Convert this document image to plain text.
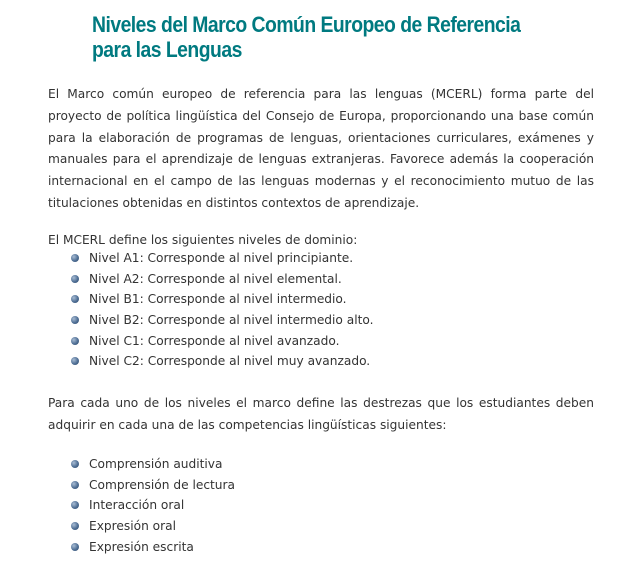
Niveles del Marco Común Europeo de Referencia para las Lenguas

El Marco común europeo de referencia para las lenguas (MCERL) forma parte del proyecto de política lingüística del Consejo de Europa, proporcionando una base común para la elaboración de programas de lenguas, orientaciones curriculares, exámenes y manuales para el aprendizaje de lenguas extranjeras. Favorece además la cooperación internacional en el campo de las lenguas modernas y el reconocimiento mutuo de las titulaciones obtenidas en distintos contextos de aprendizaje.

El MCERL define los siguientes niveles de dominio:

Nivel A1: Corresponde al nivel principiante.
Nivel A2: Corresponde al nivel elemental.
Nivel B1: Corresponde al nivel intermedio.
Nivel B2: Corresponde al nivel intermedio alto.
Nivel C1: Corresponde al nivel avanzado.
Nivel C2: Corresponde al nivel muy avanzado.

Para cada uno de los niveles el marco define las destrezas que los estudiantes deben adquirir en cada una de las competencias lingüísticas siguientes:

Comprensión auditiva
Comprensión de lectura
Interacción oral
Expresión oral
Expresión escrita
